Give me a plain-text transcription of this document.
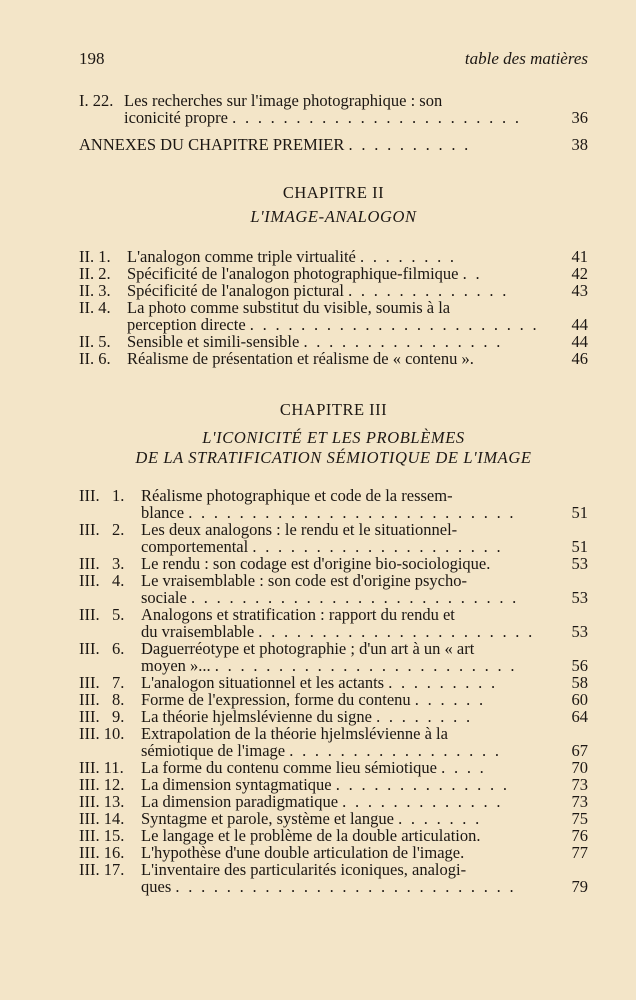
198	table des matières
I. 22. Les recherches sur l'image photographique : son
iconicité propre . . . . . . . . . . . . . . . . . . . . . . .	36
ANNEXES DU CHAPITRE PREMIER . . . . . . . . . .	38
CHAPITRE II
L'IMAGE-ANALOGON
II. 1. L'analogon comme triple virtualité . . . . . . . .	41
II. 2. Spécificité de l'analogon photographique-filmique . .	42
II. 3. Spécificité de l'analogon pictural . . . . . . . . . . . . .	43
II. 4. La photo comme substitut du visible, soumis à la
perception directe . . . . . . . . . . . . . . . . . . . . . . .	44
II. 5. Sensible et simili-sensible . . . . . . . . . . . . . . . .	44
II. 6. Réalisme de présentation et réalisme de « contenu ».	46
CHAPITRE III
L'ICONICITÉ ET LES PROBLÈMES
DE LA STRATIFICATION SÉMIOTIQUE DE L'IMAGE
III.   1. Réalisme photographique et code de la ressem-
blance . . . . . . . . . . . . . . . . . . . . . . . . . .	51
III.   2. Les deux analogons : le rendu et le situationnel-
comportemental . . . . . . . . . . . . . . . . . . . .	51
III.   3. Le rendu : son codage est d'origine bio-sociologique.	53
III.   4. Le vraisemblable : son code est d'origine psycho-
sociale . . . . . . . . . . . . . . . . . . . . . . . . . .	53
III.   5. Analogons et stratification : rapport du rendu et
du vraisemblable . . . . . . . . . . . . . . . . . . . . . .	53
III.   6. Daguerréotype et photographie ; d'un art à un « art
moyen »... . . . . . . . . . . . . . . . . . . . . . . . .	56
III.   7. L'analogon situationnel et les actants . . . . . . . . .	58
III.   8. Forme de l'expression, forme du contenu . . . . . .	60
III.   9. La théorie hjelmslévienne du signe . . . . . . . .	64
III. 10. Extrapolation de la théorie hjelmslévienne à la
sémiotique de l'image . . . . . . . . . . . . . . . . .	67
III. 11. La forme du contenu comme lieu sémiotique . . . .	70
III. 12. La dimension syntagmatique . . . . . . . . . . . . . .	73
III. 13. La dimension paradigmatique . . . . . . . . . . . . .	73
III. 14. Syntagme et parole, système et langue . . . . . . .	75
III. 15. Le langage et le problème de la double articulation.	76
III. 16. L'hypothèse d'une double articulation de l'image.	77
III. 17. L'inventaire des particularités iconiques, analogi-
ques . . . . . . . . . . . . . . . . . . . . . . . . . . .	79
